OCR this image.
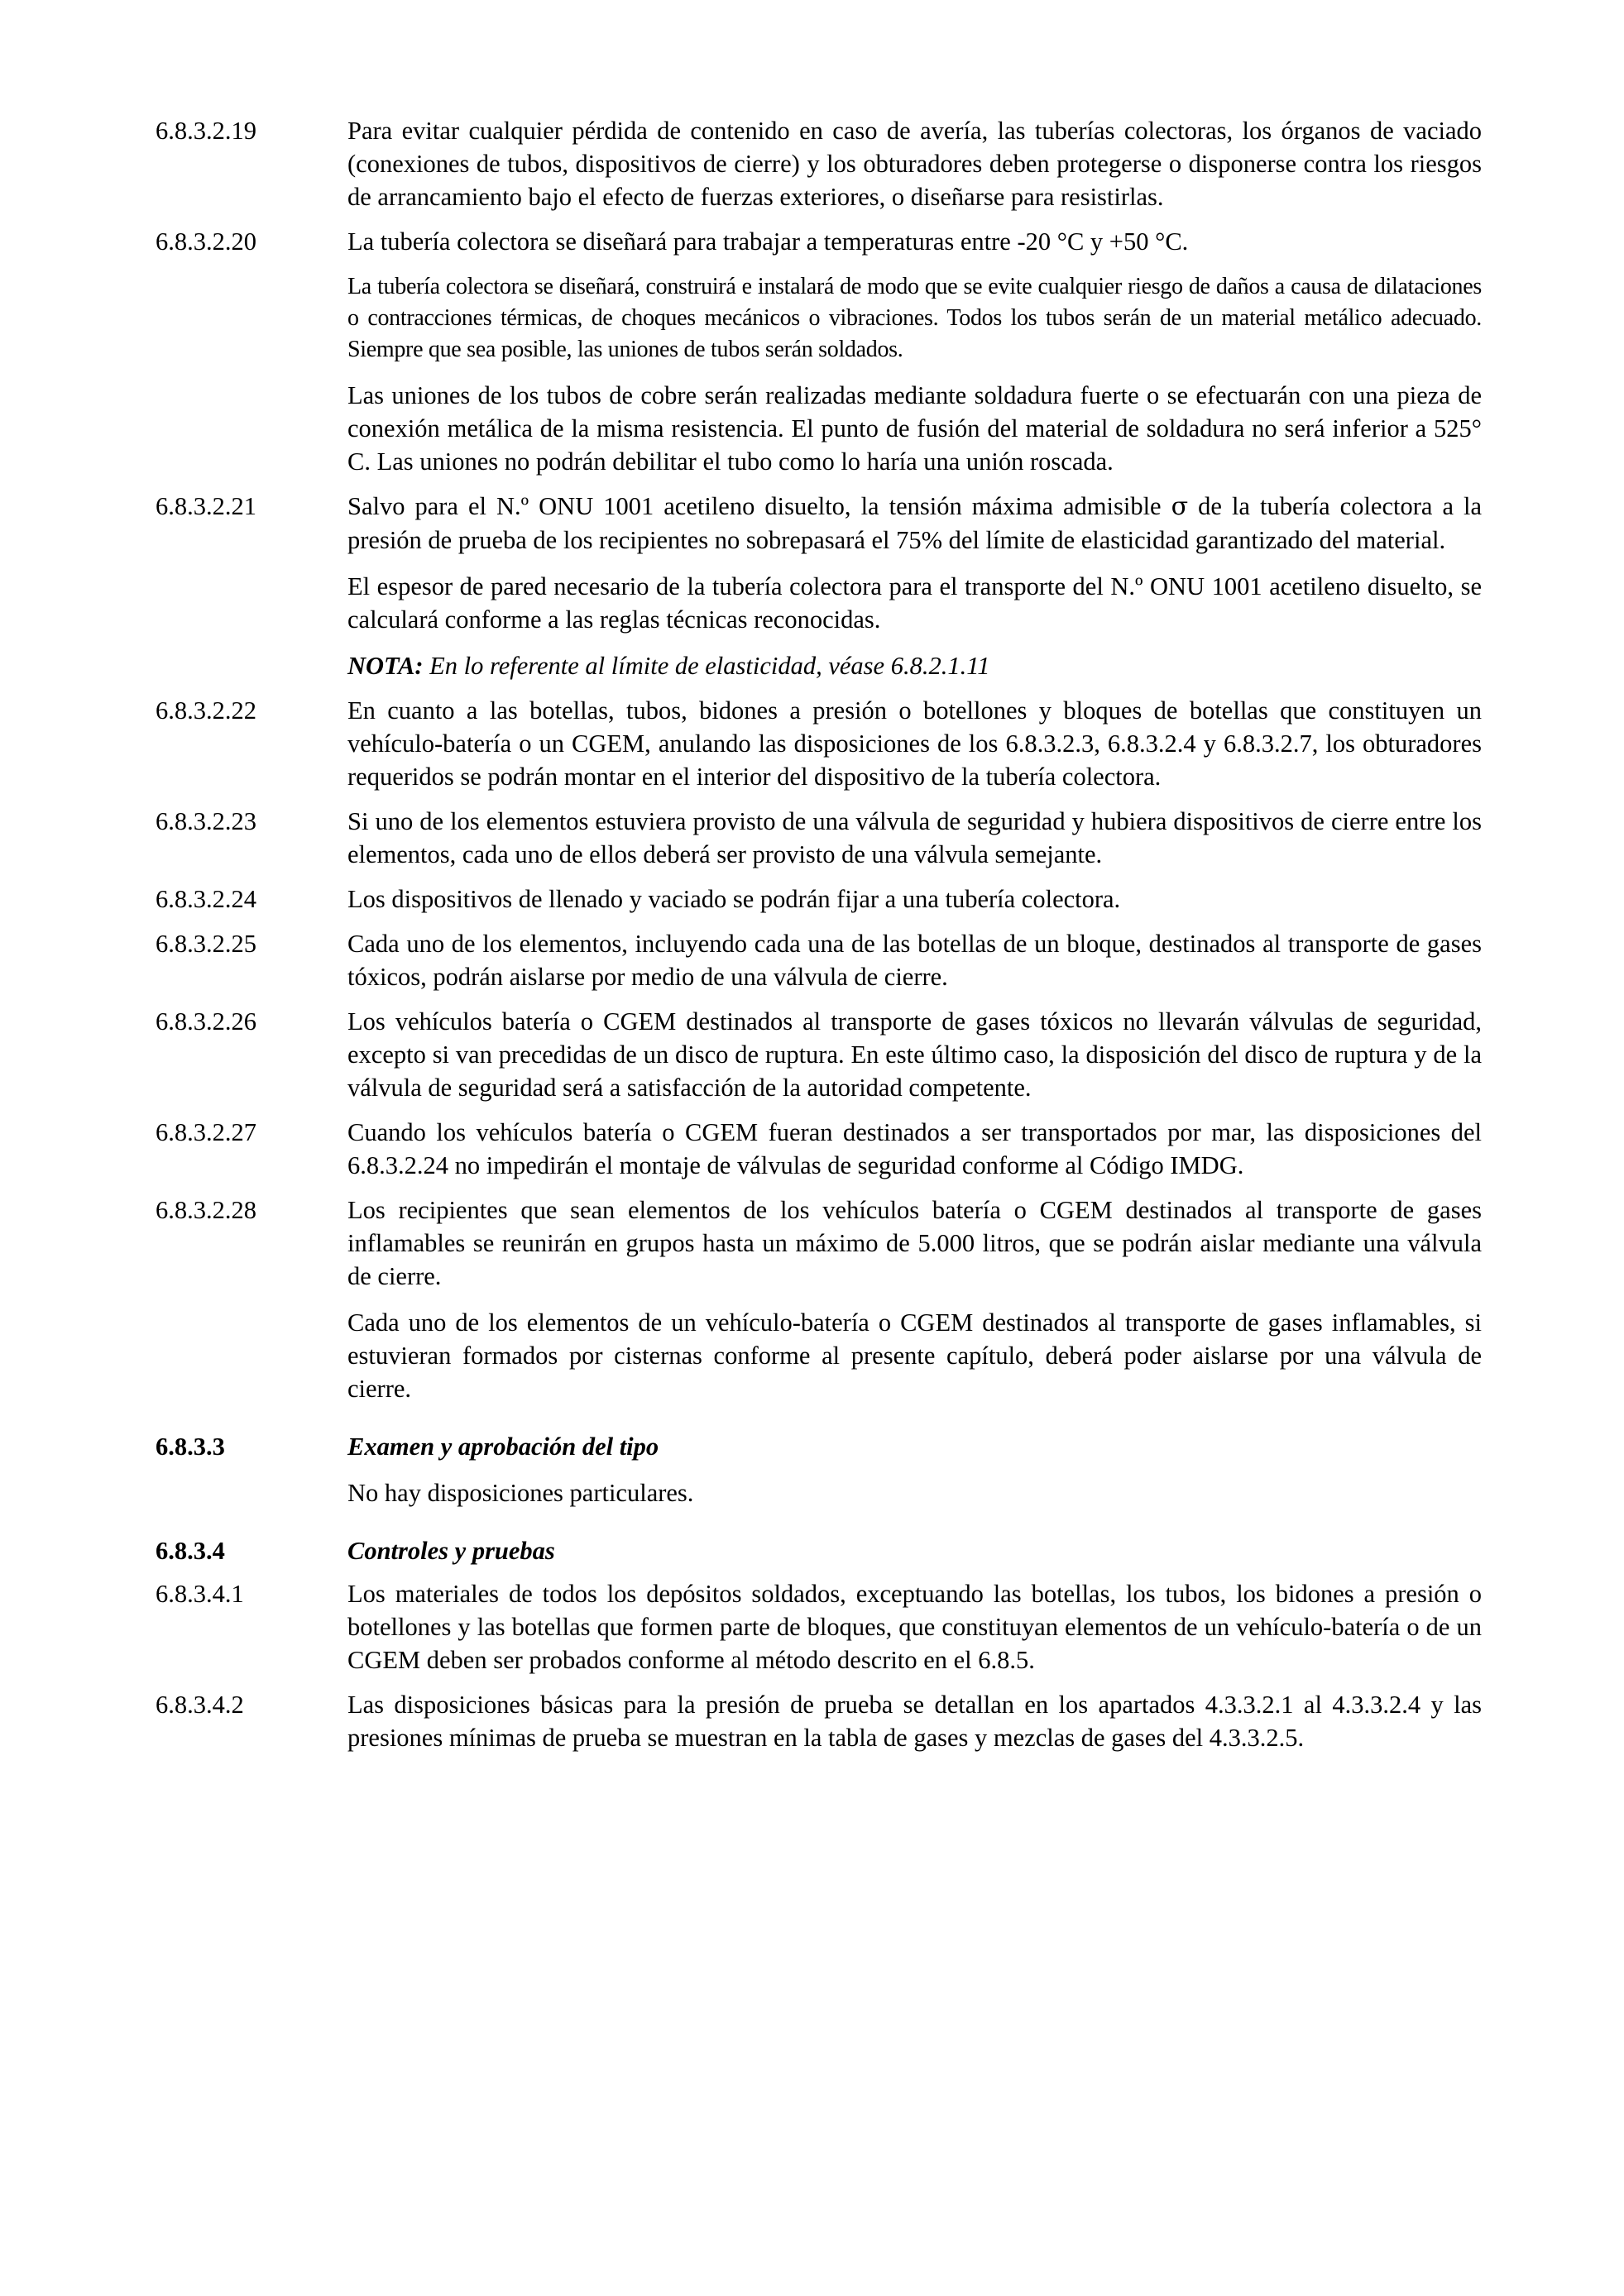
6.8.3.2.19	Para evitar cualquier pérdida de contenido en caso de avería, las tuberías colectoras, los órganos de vaciado (conexiones de tubos, dispositivos de cierre) y los obturadores deben protegerse o disponerse contra los riesgos de arrancamiento bajo el efecto de fuerzas exteriores, o diseñarse para resistirlas.

6.8.3.2.20	La tubería colectora se diseñará para trabajar a temperaturas entre -20 °C y +50 °C.

La tubería colectora se diseñará, construirá e instalará de modo que se evite cualquier riesgo de daños a causa de dilataciones o contracciones térmicas, de choques mecánicos o vibraciones. Todos los tubos serán de un material metálico adecuado. Siempre que sea posible, las uniones de tubos serán soldados.

Las uniones de los tubos de cobre serán realizadas mediante soldadura fuerte o se efectuarán con una pieza de conexión metálica de la misma resistencia. El punto de fusión del material de soldadura no será inferior a 525° C. Las uniones no podrán debilitar el tubo como lo haría una unión roscada.

6.8.3.2.21	Salvo para el N.º ONU 1001 acetileno disuelto, la tensión máxima admisible σ de la tubería colectora a la presión de prueba de los recipientes no sobrepasará el 75% del límite de elasticidad garantizado del material.

El espesor de pared necesario de la tubería colectora para el transporte del N.º ONU 1001 acetileno disuelto, se calculará conforme a las reglas técnicas reconocidas.

NOTA: En lo referente al límite de elasticidad, véase 6.8.2.1.11

6.8.3.2.22	En cuanto a las botellas, tubos, bidones a presión o botellones y bloques de botellas que constituyen un vehículo-batería o un CGEM, anulando las disposiciones de los 6.8.3.2.3, 6.8.3.2.4 y 6.8.3.2.7, los obturadores requeridos se podrán montar en el interior del dispositivo de la tubería colectora.

6.8.3.2.23	Si uno de los elementos estuviera provisto de una válvula de seguridad y hubiera dispositivos de cierre entre los elementos, cada uno de ellos deberá ser provisto de una válvula semejante.

6.8.3.2.24	Los dispositivos de llenado y vaciado se podrán fijar a una tubería colectora.

6.8.3.2.25	Cada uno de los elementos, incluyendo cada una de las botellas de un bloque, destinados al transporte de gases tóxicos, podrán aislarse por medio de una válvula de cierre.

6.8.3.2.26	Los vehículos batería o CGEM destinados al transporte de gases tóxicos no llevarán válvulas de seguridad, excepto si van precedidas de un disco de ruptura. En este último caso, la disposición del disco de ruptura y de la válvula de seguridad será a satisfacción de la autoridad competente.

6.8.3.2.27	Cuando los vehículos batería o CGEM fueran destinados a ser transportados por mar, las disposiciones del 6.8.3.2.24 no impedirán el montaje de válvulas de seguridad conforme al Código IMDG.

6.8.3.2.28	Los recipientes que sean elementos de los vehículos batería o CGEM destinados al transporte de gases inflamables se reunirán en grupos hasta un máximo de 5.000 litros, que se podrán aislar mediante una válvula de cierre.

Cada uno de los elementos de un vehículo-batería o CGEM destinados al transporte de gases inflamables, si estuvieran formados por cisternas conforme al presente capítulo, deberá poder aislarse por una válvula de cierre.

6.8.3.3	Examen y aprobación del tipo

No hay disposiciones particulares.

6.8.3.4	Controles y pruebas

6.8.3.4.1	Los materiales de todos los depósitos soldados, exceptuando las botellas, los tubos, los bidones a presión o botellones y las botellas que formen parte de bloques, que constituyan elementos de un vehículo-batería o de un CGEM deben ser probados conforme al método descrito en el 6.8.5.

6.8.3.4.2	Las disposiciones básicas para la presión de prueba se detallan en los apartados 4.3.3.2.1 al 4.3.3.2.4 y las presiones mínimas de prueba se muestran en la tabla de gases y mezclas de gases del 4.3.3.2.5.
